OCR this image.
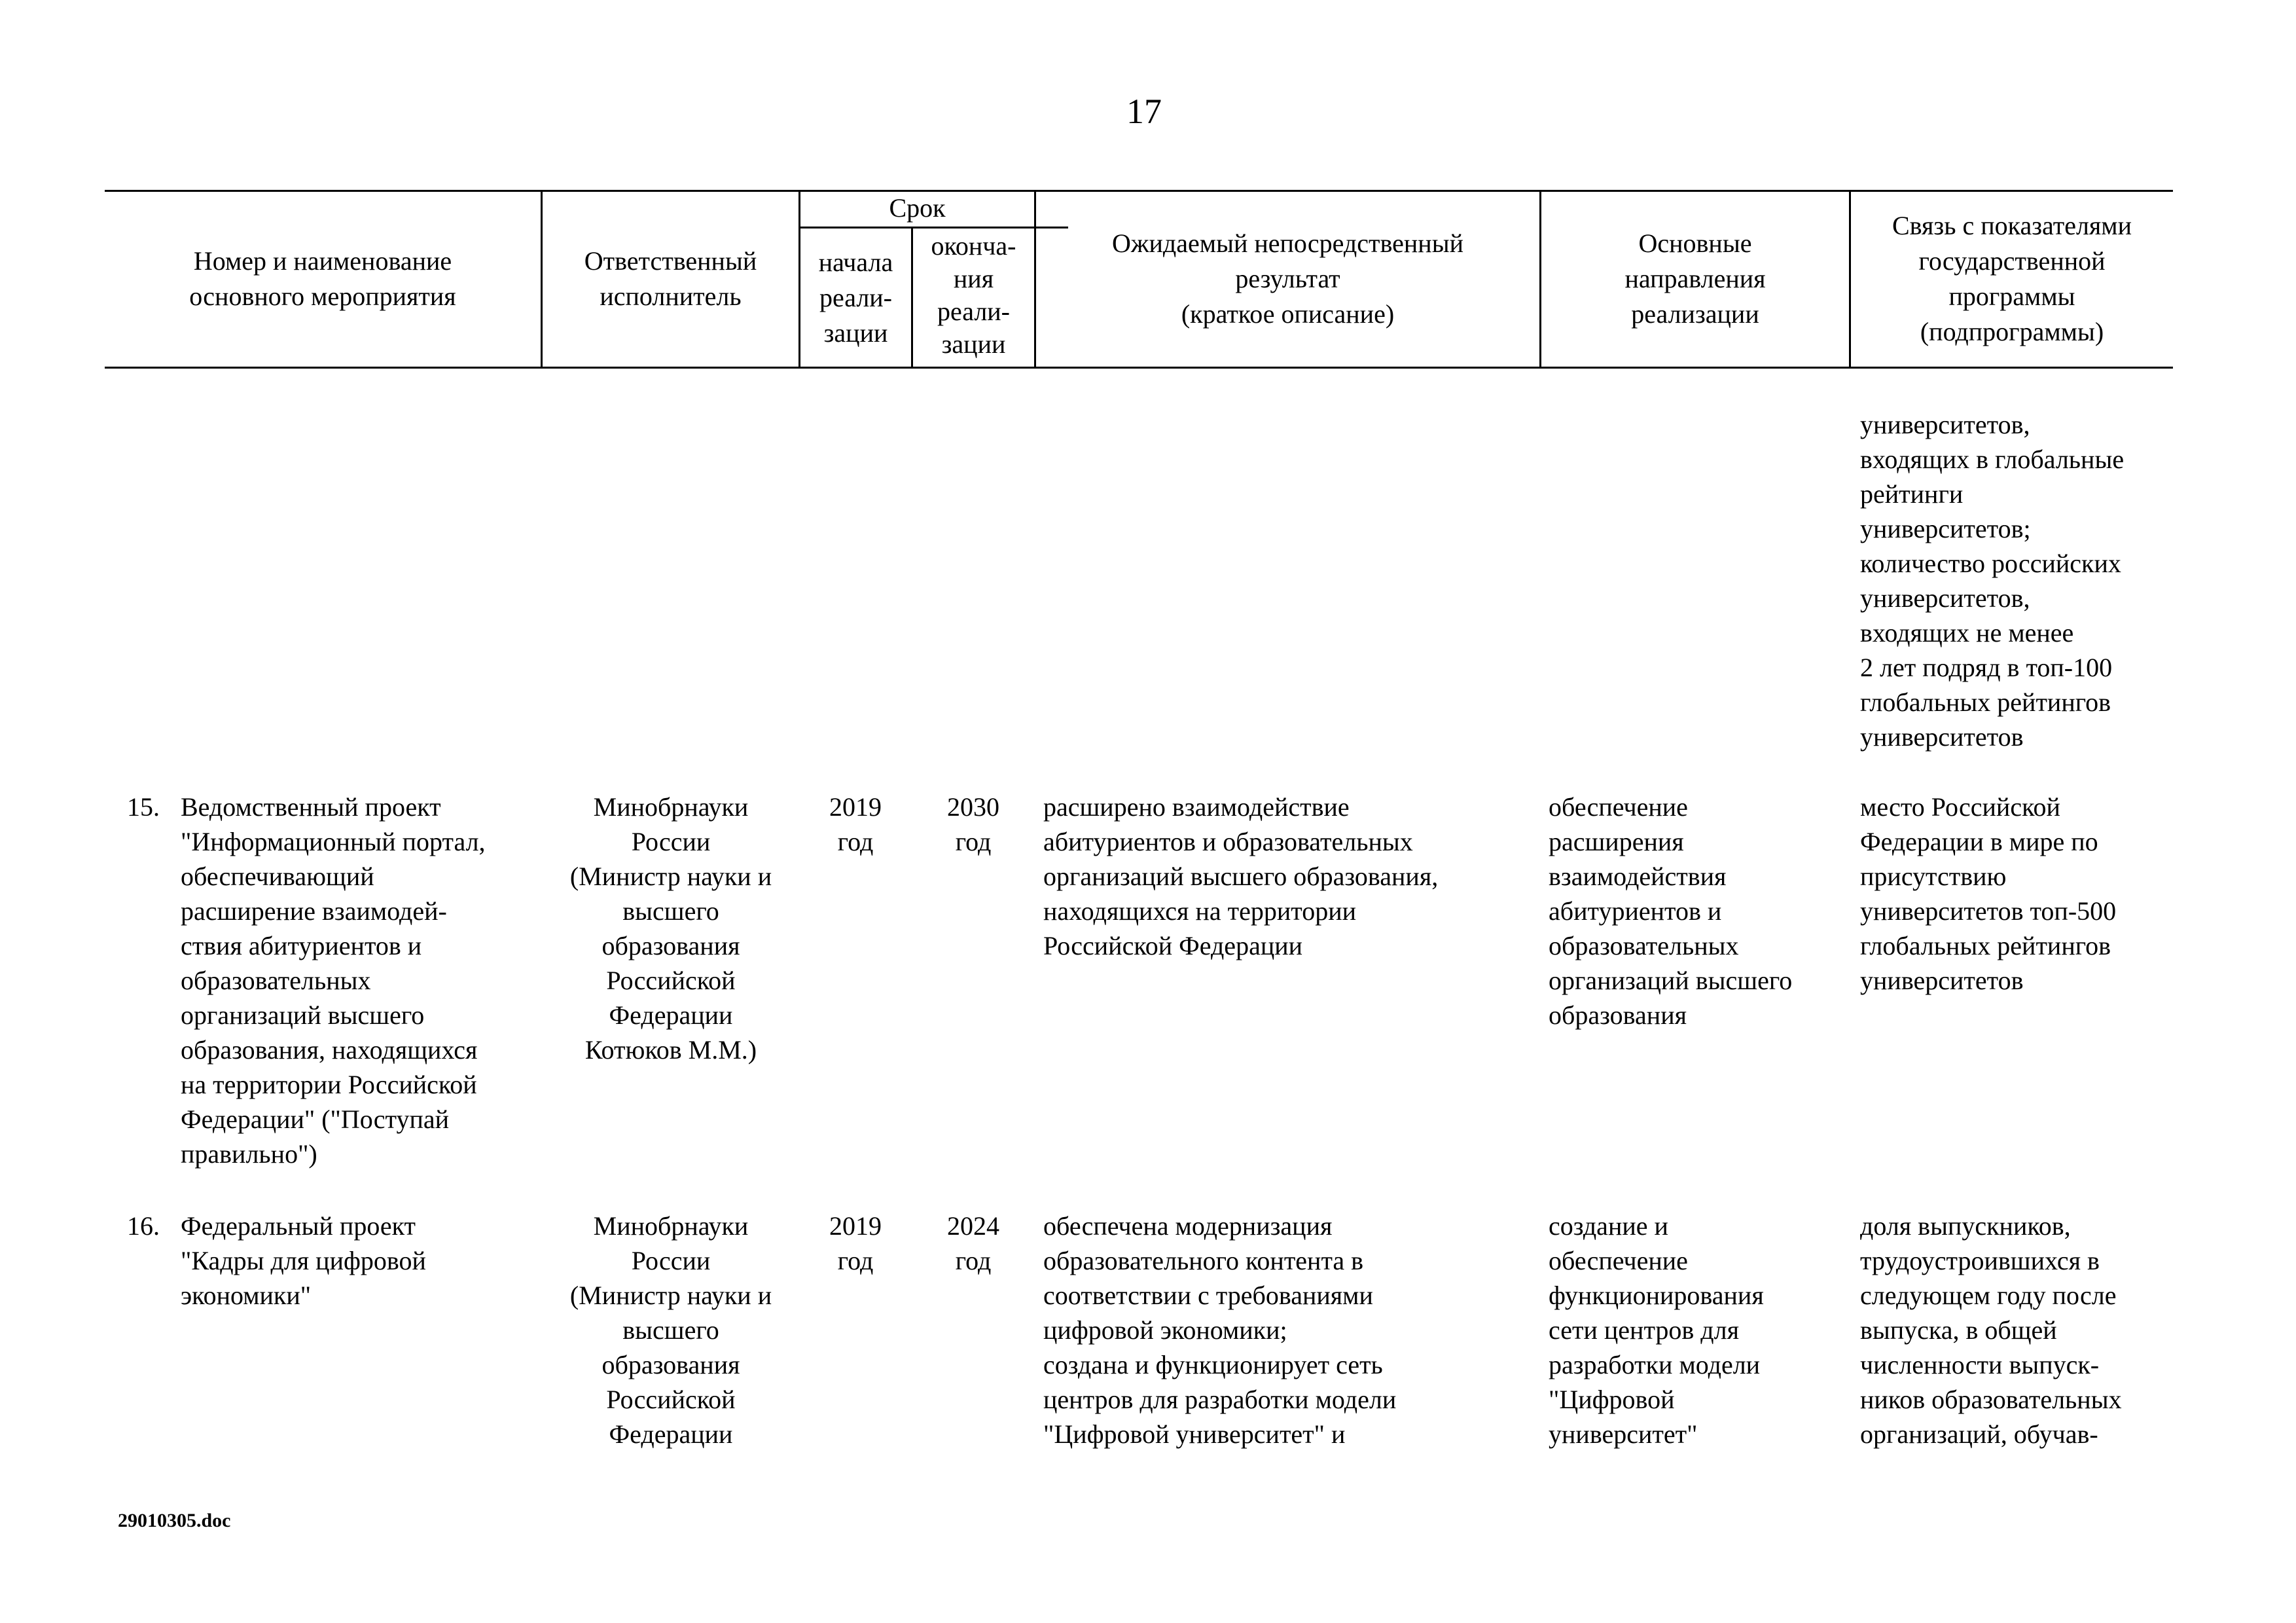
17
Номер и наименование
основного мероприятия
Ответственный
исполнитель
Срок
начала
реали-
зации
оконча-
ния
реали-
зации
Ожидаемый непосредственный
результат
(краткое описание)
Основные
направления
реализации
Связь с показателями
государственной
программы
(подпрограммы)
университетов,
входящих в глобальные
рейтинги
университетов;
количество российских
университетов,
входящих не менее
2 лет подряд в топ-100
глобальных рейтингов
университетов
15. Ведомственный проект
"Информационный портал,
обеспечивающий
расширение взаимодей-
ствия абитуриентов и
образовательных
организаций высшего
образования, находящихся
на территории Российской
Федерации" ("Поступай
правильно")
Минобрнауки
России
(Министр науки и
высшего
образования
Российской
Федерации
Котюков М.М.)
2019
год
2030
год
расширено взаимодействие
абитуриентов и образовательных
организаций высшего образования,
находящихся на территории
Российской Федерации
обеспечение
расширения
взаимодействия
абитуриентов и
образовательных
организаций высшего
образования
место Российской
Федерации в мире по
присутствию
университетов топ-500
глобальных рейтингов
университетов
16. Федеральный проект
"Кадры для цифровой
экономики"
Минобрнауки
России
(Министр науки и
высшего
образования
Российской
Федерации
2019
год
2024
год
обеспечена модернизация
образовательного контента в
соответствии с требованиями
цифровой экономики;
создана и функционирует сеть
центров для разработки модели
"Цифровой университет" и
создание и
обеспечение
функционирования
сети центров для
разработки модели
"Цифровой
университет"
доля выпускников,
трудоустроившихся в
следующем году после
выпуска, в общей
численности выпуск-
ников образовательных
организаций, обучав-
29010305.doc
